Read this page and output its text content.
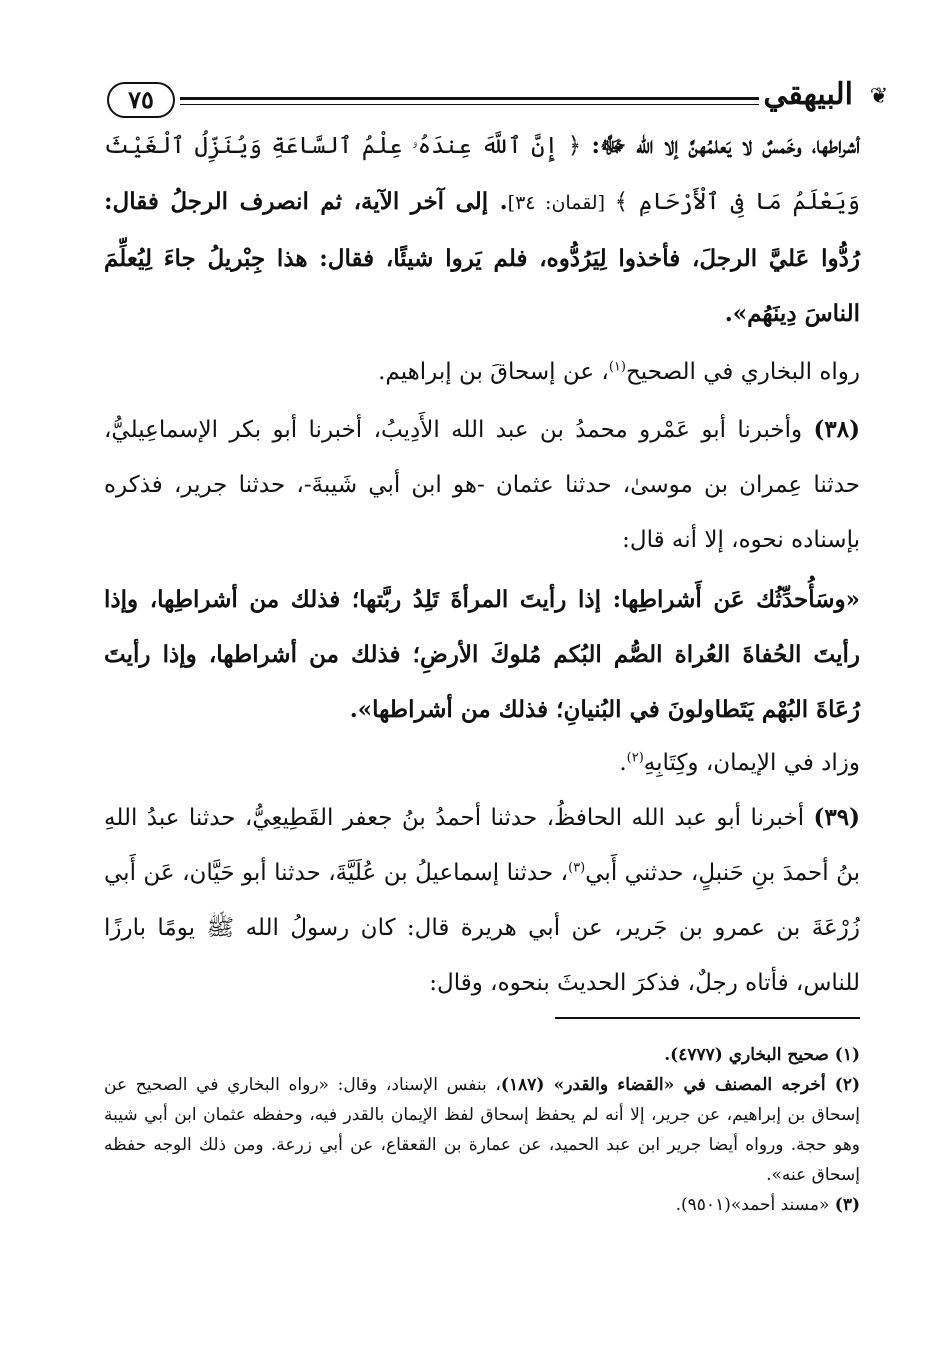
❦
البيهقي
٧٥
أشراطها، وخَمسٌ لا يَعلمُهنَّ إلا الله ﷻ: ﴿ إِنَّ ٱللَّهَ عِندَهُۥ عِلْمُ ٱلسَّاعَةِ وَيُنَزِّلُ ٱلْغَيْثَ وَيَعْلَمُ مَا فِى ٱلْأَرْحَامِ ﴾ [لقمان: ٣٤]. إلى آخر الآية، ثم انصرف الرجلُ فقال: رُدُّوا عَليَّ الرجلَ، فأخذوا لِيَرُدُّوه، فلم يَروا شيئًا، فقال: هذا جِبْريلُ جاءَ لِيُعلِّمَ الناسَ دِينَهُم».
رواه البخاري في الصحيح$^{(١)}$، عن إسحاقَ بن إبراهيم.
(٣٨) وأخبرنا أبو عَمْرو محمدُ بن عبد الله الأَدِيبُ، أخبرنا أبو بكر الإسماعِيليُّ، حدثنا عِمران بن موسىٰ، حدثنا عثمان -هو ابن أبي شَيبةَ-، حدثنا جرير، فذكره بإسناده نحوه، إلا أنه قال:
«وسَأُحدِّثُك عَن أَشراطِها: إذا رأيتَ المرأةَ تَلِدُ ربَّتها؛ فذلك من أشراطِها، وإذا رأيتَ الحُفاةَ العُراة الصُّم البُكم مُلوكَ الأرضِ؛ فذلك من أشراطها، وإذا رأيتَ رُعَاةَ البُهْم يَتَطاولونَ في البُنيانِ؛ فذلك من أشراطها».
وزاد في الإيمان، وكِتَابِهِ$^{(٢)}$.
(٣٩) أخبرنا أبو عبد الله الحافظُ، حدثنا أحمدُ بنُ جعفر القَطِيعِيُّ، حدثنا عبدُ اللهِ بنُ أحمدَ بنِ حَنبلٍ، حدثني أَبي$^{(٣)}$، حدثنا إسماعيلُ بن عُلَيَّةَ، حدثنا أبو حَيَّان، عَن أَبي زُرْعَةَ بن عمرو بن جَرير، عن أبي هريرة قال: كان رسولُ الله ﷺ يومًا بارزًا للناس، فأتاه رجلٌ، فذكرَ الحديثَ بنحوه، وقال:

(١) صحيح البخاري (٤٧٧٧).

(٢) أخرجه المصنف في «القضاء والقدر» (١٨٧)، بنفس الإسناد، وقال: «رواه البخاري في الصحيح عن إسحاق بن إبراهيم، عن جرير، إلا أنه لم يحفظ إسحاق لفظ الإيمان بالقدر فيه، وحفظه عثمان ابن أبي شيبة وهو حجة. ورواه أيضا جرير ابن عبد الحميد، عن عمارة بن القعقاع، عن أبي زرعة. ومن ذلك الوجه حفظه إسحاق عنه».

(٣) «مسند أحمد»(٩٥٠١).
